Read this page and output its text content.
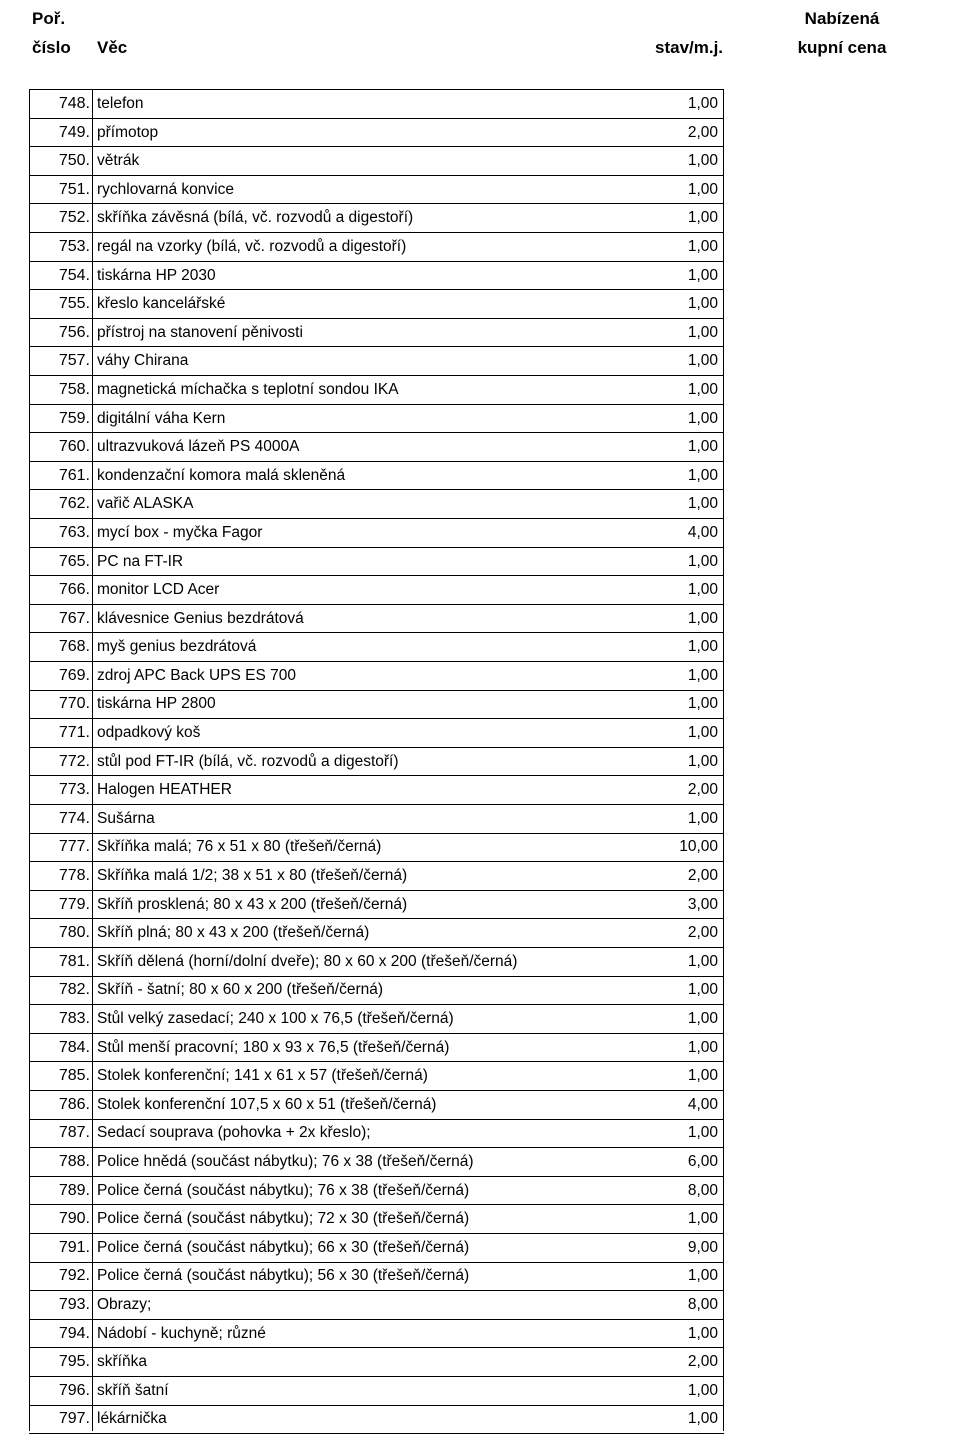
Poř.
číslo Věc	stav/m.j.
Nabízená
kupní cena
748. telefon	1,00
749. přímotop	2,00
750. větrák	1,00
751. rychlovarná konvice	1,00
752. skříňka závěsná (bílá, vč. rozvodů a digestoří)	1,00
753. regál na vzorky (bílá, vč. rozvodů a digestoří)	1,00
754. tiskárna HP 2030	1,00
755. křeslo kancelářské	1,00
756. přístroj na stanovení pěnivosti	1,00
757. váhy Chirana	1,00
758. magnetická míchačka s teplotní sondou IKA	1,00
759. digitální váha Kern	1,00
760. ultrazvuková lázeň PS 4000A	1,00
761. kondenzační komora malá skleněná	1,00
762. vařič ALASKA	1,00
763. mycí box - myčka Fagor	4,00
765. PC na FT-IR	1,00
766. monitor LCD Acer	1,00
767. klávesnice Genius bezdrátová	1,00
768. myš genius bezdrátová	1,00
769. zdroj APC Back UPS ES 700	1,00
770. tiskárna HP 2800	1,00
771. odpadkový koš	1,00
772. stůl pod FT-IR (bílá, vč. rozvodů a digestoří)	1,00
773. Halogen HEATHER	2,00
774. Sušárna	1,00
777. Skříňka malá; 76 x 51 x 80 (třešeň/černá)	10,00
778. Skříňka malá 1/2; 38 x 51 x 80 (třešeň/černá)	2,00
779. Skříň prosklená; 80 x 43 x 200 (třešeň/černá)	3,00
780. Skříň plná; 80 x 43 x 200 (třešeň/černá)	2,00
781. Skříň dělená (horní/dolní dveře); 80 x 60 x 200 (třešeň/černá)	1,00
782. Skříň - šatní; 80 x 60 x 200 (třešeň/černá)	1,00
783. Stůl velký zasedací; 240 x 100 x 76,5 (třešeň/černá)	1,00
784. Stůl menší pracovní; 180 x 93 x 76,5 (třešeň/černá)	1,00
785. Stolek konferenční; 141 x 61 x 57 (třešeň/černá)	1,00
786. Stolek konferenční 107,5 x 60 x 51 (třešeň/černá)	4,00
787. Sedací souprava (pohovka + 2x křeslo);	1,00
788. Police hnědá (součást nábytku); 76 x 38 (třešeň/černá)	6,00
789. Police černá (součást nábytku); 76 x 38 (třešeň/černá)	8,00
790. Police černá (součást nábytku); 72 x 30 (třešeň/černá)	1,00
791. Police černá (součást nábytku); 66 x 30 (třešeň/černá)	9,00
792. Police černá (součást nábytku); 56 x 30 (třešeň/černá)	1,00
793. Obrazy;	8,00
794. Nádobí - kuchyně; různé	1,00
795. skříňka	2,00
796. skříň šatní	1,00
797. lékárnička	1,00
